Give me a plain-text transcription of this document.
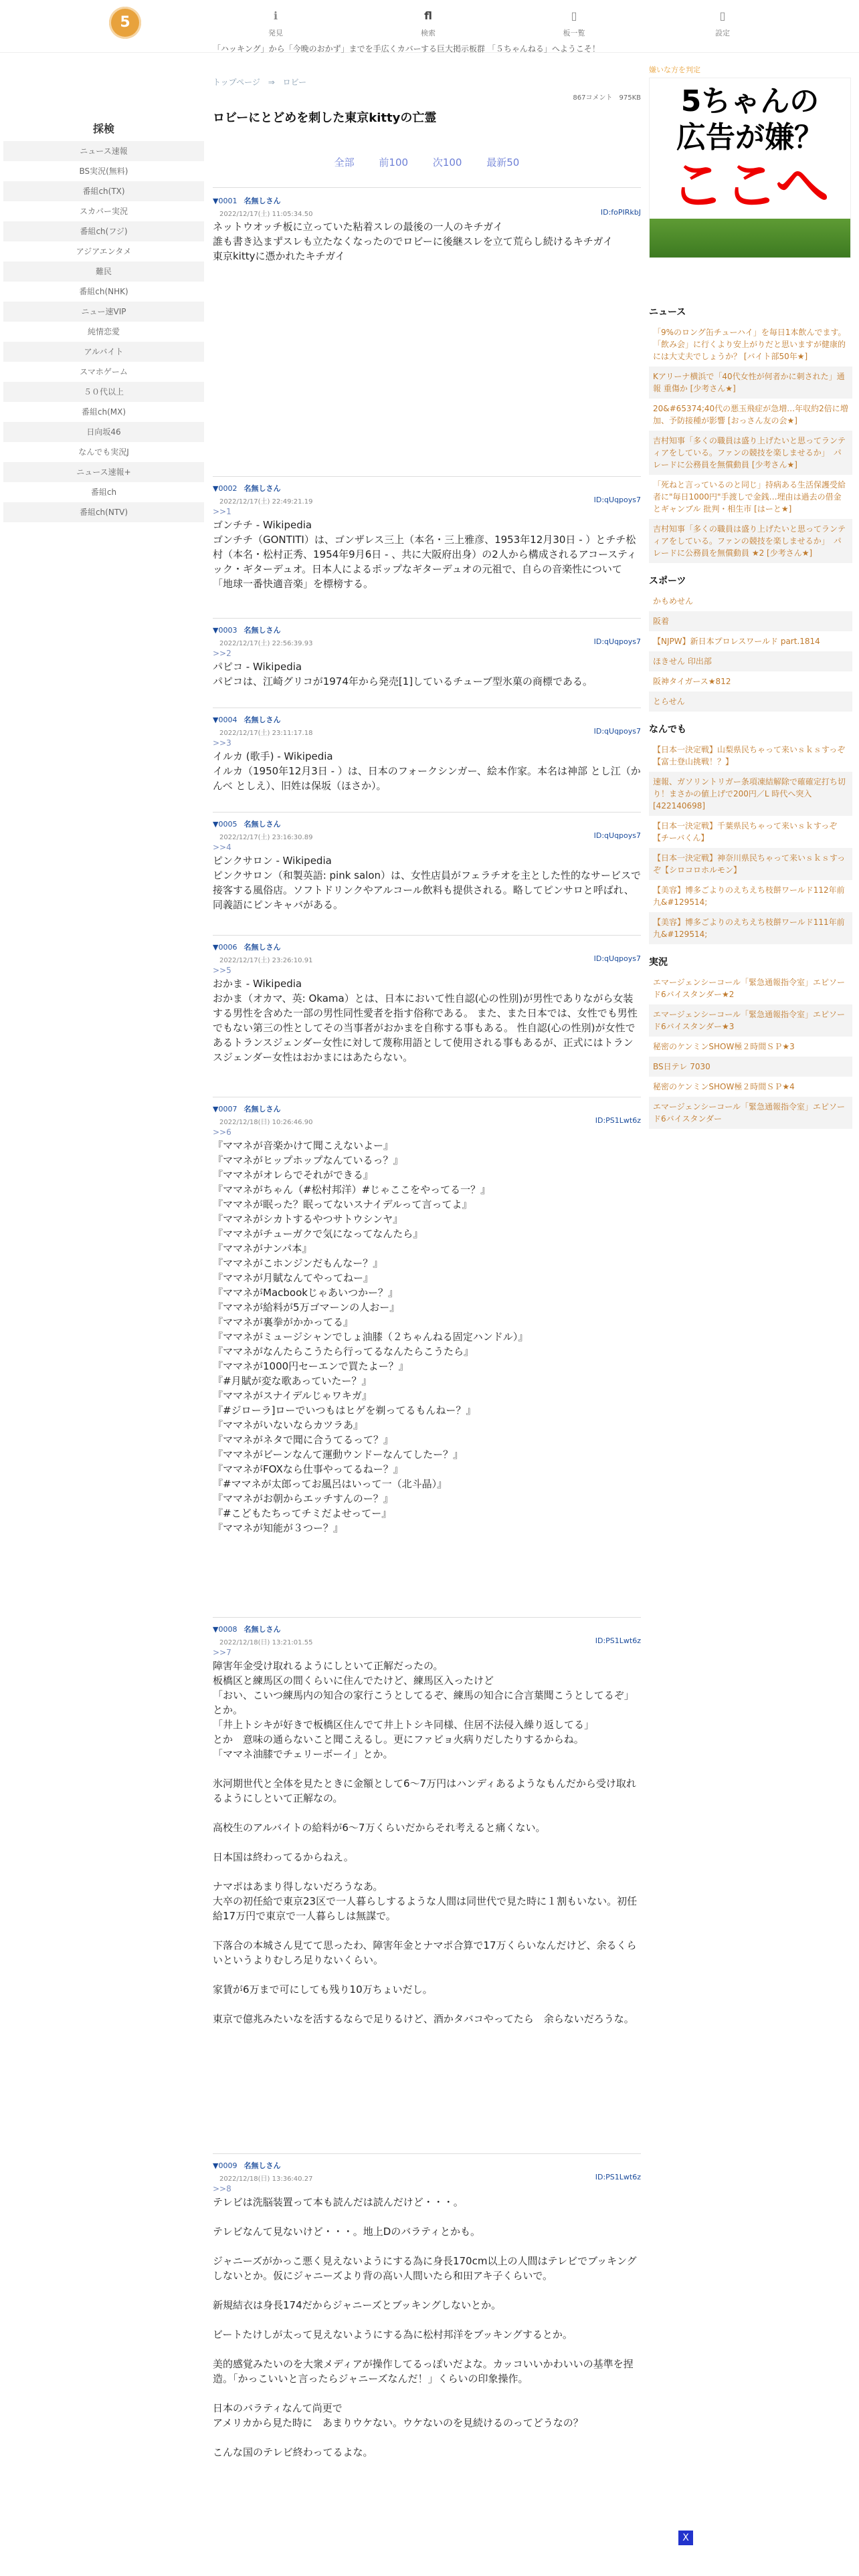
5	ℹ
発見
fl
検索
▯
板一覧
▯
設定
「ハッキング」から「今晩のおかず」までを手広くカバーする巨大掲示板群 「５ちゃんねる」へようこそ！
採検
ニュース速報
BS実況(無料)
番組ch(TX)
スカパー実況
番組ch(フジ)
アジアエンタメ
難民
番組ch(NHK)
ニュー速VIP
純情恋愛
アルバイト
スマホゲーム
５０代以上
番組ch(MX)
日向坂46
なんでも実況J
ニュース速報+
番組ch
番組ch(NTV)
トップページ ⇒ ロビー
867コメント　975KB
ロビーにとどめを刺した東京kittyの亡霊
全部 前100 次100 最新50
▼0001 名無しさん
2022/12/17(土) 11:05:34.50	ID:foPIRkbJ
ネットウオッチ板に立っていた粘着スレの最後の一人のキチガイ
誰も書き込まずスレも立たなくなったのでロビーに後継スレを立て荒らし続けるキチガイ
東京kittyに憑かれたキチガイ
▼0002 名無しさん
2022/12/17(土) 22:49:21.19	ID:qUqpoys7
>>1
ゴンチチ - Wikipedia
ゴンチチ（GONTITI）は、ゴンザレス三上（本名・三上雅彦、1953年12月30日 - ）とチチ松村（本名・松村正秀、1954年9月6日 - 、共に大阪府出身）の2人から構成されるアコースティック・ギターデュオ。日本人によるポップなギターデュオの元祖で、自らの音楽性について「地球一番快適音楽」を標榜する。
▼0003 名無しさん
2022/12/17(土) 22:56:39.93	ID:qUqpoys7
>>2
パピコ - Wikipedia
パピコは、江崎グリコが1974年から発売[1]しているチューブ型氷菓の商標である。
▼0004 名無しさん
2022/12/17(土) 23:11:17.18	ID:qUqpoys7
>>3
イルカ (歌手) - Wikipedia
イルカ（1950年12月3日 - ）は、日本のフォークシンガー、絵本作家。本名は神部 とし江（かんべ としえ）、旧姓は保坂（ほさか）。
▼0005 名無しさん
2022/12/17(土) 23:16:30.89	ID:qUqpoys7
>>4
ピンクサロン - Wikipedia
ピンクサロン（和製英語: pink salon）は、女性店員がフェラチオを主とした性的なサービスで接客する風俗店。ソフトドリンクやアルコール飲料も提供される。略してピンサロと呼ばれ、同義語にピンキャバがある。
▼0006 名無しさん
2022/12/17(土) 23:26:10.91	ID:qUqpoys7
>>5
おかま - Wikipedia
おかま（オカマ、英: Okama）とは、日本において性自認(心の性別)が男性でありながら女装する男性を含めた一部の男性同性愛者を指す俗称である。 また、また日本では、女性でも男性でもない第三の性としてその当事者がおかまを自称する事もある。 性自認(心の性別)が女性であるトランスジェンダー女性に対して蔑称用語として使用される事もあるが、正式にはトランスジェンダー女性はおかまにはあたらない。
▼0007 名無しさん
2022/12/18(日) 10:26:46.90	ID:PS1Lwt6z
>>6
『ママネが音楽かけて聞こえないよー』
『ママネがヒップホップなんているっ？』
『ママネがオレらでそれができる』
『ママネがちゃん（#松村邦洋）#じゃここをやってる一？』
『ママネが眠った？眠ってないスナイデルって言ってよ』
『ママネがシカトするやつサトウシンヤ』
『ママネがチューガクで気になってなんたら』
『ママネがナンパ本』
『ママネがこホンジンだもんなー？』
『ママネが月賦なんてやってねー』
『ママネがMacbookじゃあいつかー？』
『ママネが給料が5万ゴマーンの人おー』
『ママネが裏拳がかかってる』
『ママネがミュージシャンでしょ油膝（２ちゃんねる固定ハンドル）』
『ママネがなんたらこうたら行ってるなんたらこうたら』
『ママネが1000円セーエンで買たよー？』
『#月賦が変な歌あっていたー？』
『ママネがスナイデルじゃワキガ』
『#ジローラ]ローでいつもはヒゲを剃ってるもんねー？』
『ママネがいないならカツラあ』
『ママネがネタで聞に合うてるって？』
『ママネがビーンなんて運動ウンドーなんてしたー？』
『ママネがFOXなら仕事やってるねー？』
『#ママネが太郎ってお風呂はいって一（北斗晶）』
『ママネがお朝からエッチすんのー？』
『#こどもたちってチミだよせってー』
『ママネが知能が３つー？』
▼0008 名無しさん
2022/12/18(日) 13:21:01.55	ID:PS1Lwt6z
>>7
障害年金受け取れるようにしといて正解だったの。
板橋区と練馬区の間くらいに住んでたけど、練馬区入ったけど
「おい、こいつ練馬内の知合の家行こうとしてるぞ、練馬の知合に合言葉聞こうとしてるぞ」
とか。
「井上トシキが好きで板橋区住んでて井上トシキ同様、住居不法侵入繰り返してる」
とか　意味の通らないこと聞こえるし。更にファビョ火病りだしたりするからね。
「ママネ油膝でチェリーボーイ」とか。

氷河期世代と全体を見たときに金額として6〜7万円はハンディあるようなもんだから受け取れるようにしといて正解なの。

高校生のアルバイトの給料が6〜7万くらいだからそれ考えると痛くない。

日本国は終わってるからねえ。

ナマポはあまり得しないだろうなあ。
大卒の初任給で東京23区で一人暮らしするような人間は同世代で見た時に１割もいない。初任給17万円で東京で一人暮らしは無謀で。

下落合の本城さん見てて思ったわ、障害年金とナマポ合算で17万くらいなんだけど、余るくらいというよりむしろ足りないくらい。

家賃が6万まで可にしても残り10万ちょいだし。

東京で億兆みたいなを活するならで足りるけど、酒かタバコやってたら　余らないだろうな。
▼0009 名無しさん
2022/12/18(日) 13:36:40.27	ID:PS1Lwt6z
>>8
テレビは洗脳装置って本も読んだは読んだけど・・・。

テレビなんて見ないけど・・・。地上Dのバラティとかも。

ジャニーズがかっこ悪く見えないようにする為に身長170cm以上の人間はテレビでブッキングしないとか。仮にジャニーズより背の高い人間いたら和田アキ子くらいで。

新規結衣は身長174だからジャニーズとブッキングしないとか。

ビートたけしが太って見えないようにする為に松村邦洋をブッキングするとか。

美的感覚みたいのを大衆メディアが操作してるっぽいだよな。カッコいいかわいいの基準を捏造。「かっこいいと言ったらジャニーズなんだ！」くらいの印象操作。

日本のバラティなんて尚更で
アメリカから見た時に　あまりウケない。ウケないのを見続けるのってどうなの？

こんな国のテレビ終わってるよな。
嫌いな方を判定
5ちゃんの
広告が嫌？
ここへ
ニュース
「9%のロング缶チューハイ」を毎日1本飲んでます。「飲み会」に行くより安上がりだと思いますが健康的には大丈夫でしょうか？ [バイト部50年★]
Kアリーナ横浜で「40代女性が何者かに刺された」通報 重傷か [少考さん★]
20&#65374;40代の悪玉飛症が急増…年収約2倍に増加、予防接種が影響 [おっさん友の会★]
吉村知事「多くの職員は盛り上げたいと思ってランティアをしている。ファンの競技を楽しませるか」　パレードに公務員を無償動員 [少考さん★]
「死ねと言っているのと同じ」持病ある生活保護受給者に"毎日1000円"手渡しで金銭…埋由は過去の借金とギャンブル 批判・相生市 [はーと★]
吉村知事「多くの職員は盛り上げたいと思ってランティアをしている。ファンの競技を楽しませるか」　パレードに公務員を無償動員 ★2 [少考さん★]
スポーツ
かもめせん
阪着
【NJPW】新日本プロレスワールド part.1814
ほきせん 印出部
阪神タイガース★812
とらせん
なんでも
【日本一決定戦】山梨県民ちゃって来いｓｋｓすっぞ【富士登山挑戦！？】
速報、ガソリントリガー条項凍結解除で確確定打ち切り！まさかの値上げで200円／L 時代へ突入 [422140698]
【日本一決定戦】千葉県民ちゃって来いｓｋすっぞ【チーバくん】
【日本一決定戦】神奈川県民ちゃって来いｓｋｓすっぞ【シロコロホルモン】
【美容】博多ごよりのえちえち枝餅ワールド112年前九&#129514;
【美容】博多ごよりのえちえち枝餅ワールド111年前九&#129514;
実況
エマージェンシーコール「緊急通報指令室」エピソード6バイスタンダー★2
エマージェンシーコール「緊急通報指令室」エピソード6バイスタンダー★3
秘密のケンミンSHOW極２時間ＳＰ★3
BS日テレ 7030
秘密のケンミンSHOW極２時間ＳＰ★4
エマージェンシーコール「緊急通報指令室」エピソード6バイスタンダー
X
